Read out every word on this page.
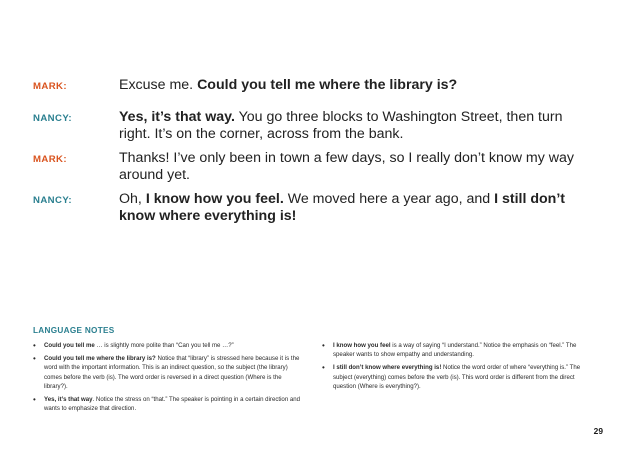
MARK:	Excuse me. Could you tell me where the library is?
NANCY:	Yes, it’s that way. You go three blocks to Washington Street, then turn right. It’s on the corner, across from the bank.
MARK:	Thanks! I’ve only been in town a few days, so I really don’t know my way around yet.
NANCY:	Oh, I know how you feel. We moved here a year ago, and I still don’t know where everything is!
LANGUAGE NOTES
• Could you tell me … is slightly more polite than “Can you tell me …?”
• Could you tell me where the library is? Notice that “library” is stressed here because it is the word with the important information. This is an indirect question, so the subject (the library) comes before the verb (is). The word order is reversed in a direct question (Where is the library?).
• Yes, it’s that way. Notice the stress on “that.” The speaker is pointing in a certain direction and wants to emphasize that direction.
• I know how you feel is a way of saying “I understand.” Notice the emphasis on “feel.” The speaker wants to show empathy and understanding.
• I still don’t know where everything is! Notice the word order of where “everything is.” The subject (everything) comes before the verb (is). This word order is different from the direct question (Where is everything?).
29
